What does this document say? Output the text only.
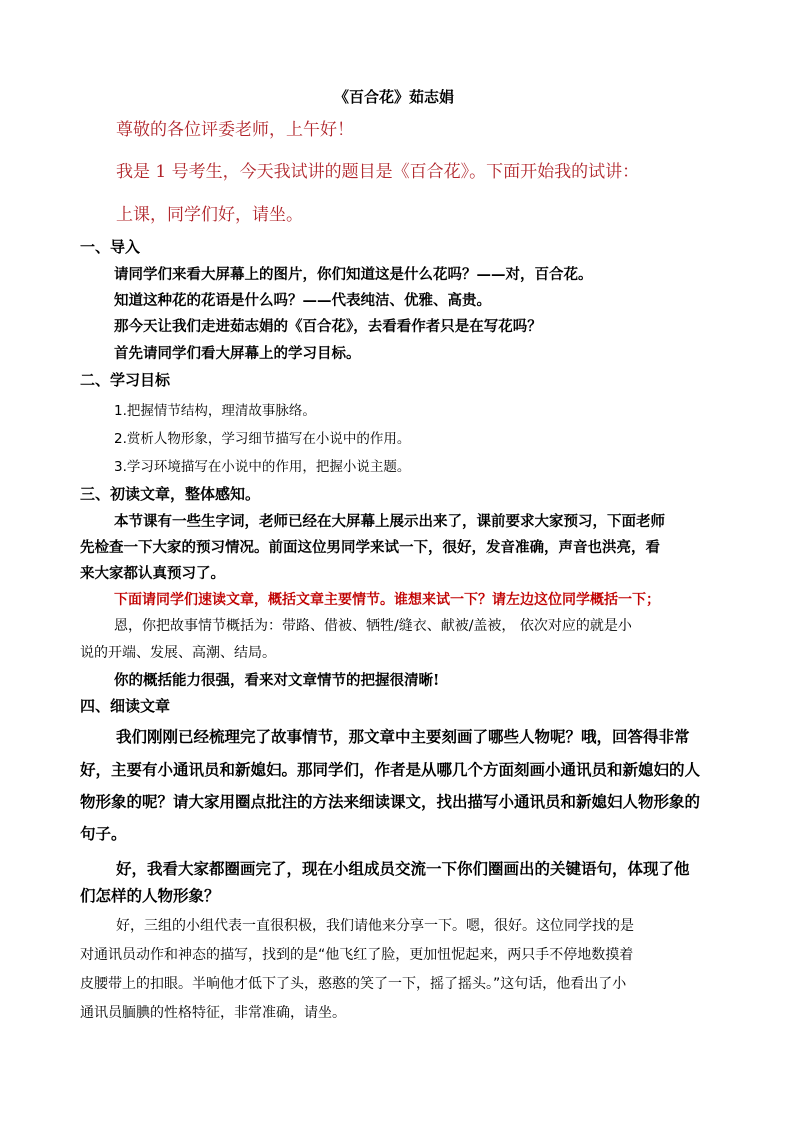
《百合花》茹志娟
尊敬的各位评委老师，上午好！
我是 1 号考生，今天我试讲的题目是《百合花》。下面开始我的试讲：
上课，同学们好，请坐。
一、导入
请同学们来看大屏幕上的图片，你们知道这是什么花吗？——对，百合花。
知道这种花的花语是什么吗？——代表纯洁、优雅、高贵。
那今天让我们走进茹志娟的《百合花》，去看看作者只是在写花吗？
首先请同学们看大屏幕上的学习目标。
二、学习目标
1.把握情节结构，理清故事脉络。
2.赏析人物形象，学习细节描写在小说中的作用。
3.学习环境描写在小说中的作用，把握小说主题。
三、初读文章，整体感知。
本节课有一些生字词，老师已经在大屏幕上展示出来了，课前要求大家预习，下面老师
先检查一下大家的预习情况。前面这位男同学来试一下，很好，发音准确，声音也洪亮，看
来大家都认真预习了。
下面请同学们速读文章，概括文章主要情节。谁想来试一下？请左边这位同学概括一下；
恩，你把故事情节概括为：带路、借被、牺牲/缝衣、献被/盖被， 依次对应的就是小
说的开端、发展、高潮、结局。
你的概括能力很强，看来对文章情节的把握很清晰!
四、细读文章
我们刚刚已经梳理完了故事情节，那文章中主要刻画了哪些人物呢？哦，回答得非常
好，主要有小通讯员和新媳妇。那同学们，作者是从哪几个方面刻画小通讯员和新媳妇的人
物形象的呢？请大家用圈点批注的方法来细读课文，找出描写小通讯员和新媳妇人物形象的
句子。
好，我看大家都圈画完了，现在小组成员交流一下你们圈画出的关键语句，体现了他
们怎样的人物形象？
好，三组的小组代表一直很积极，我们请他来分享一下。嗯，很好。这位同学找的是
对通讯员动作和神态的描写，找到的是“他飞红了脸，更加忸怩起来，两只手不停地数摸着
皮腰带上的扣眼。半晌他才低下了头，憨憨的笑了一下，摇了摇头。”这句话，他看出了小
通讯员腼腆的性格特征，非常准确，请坐。
